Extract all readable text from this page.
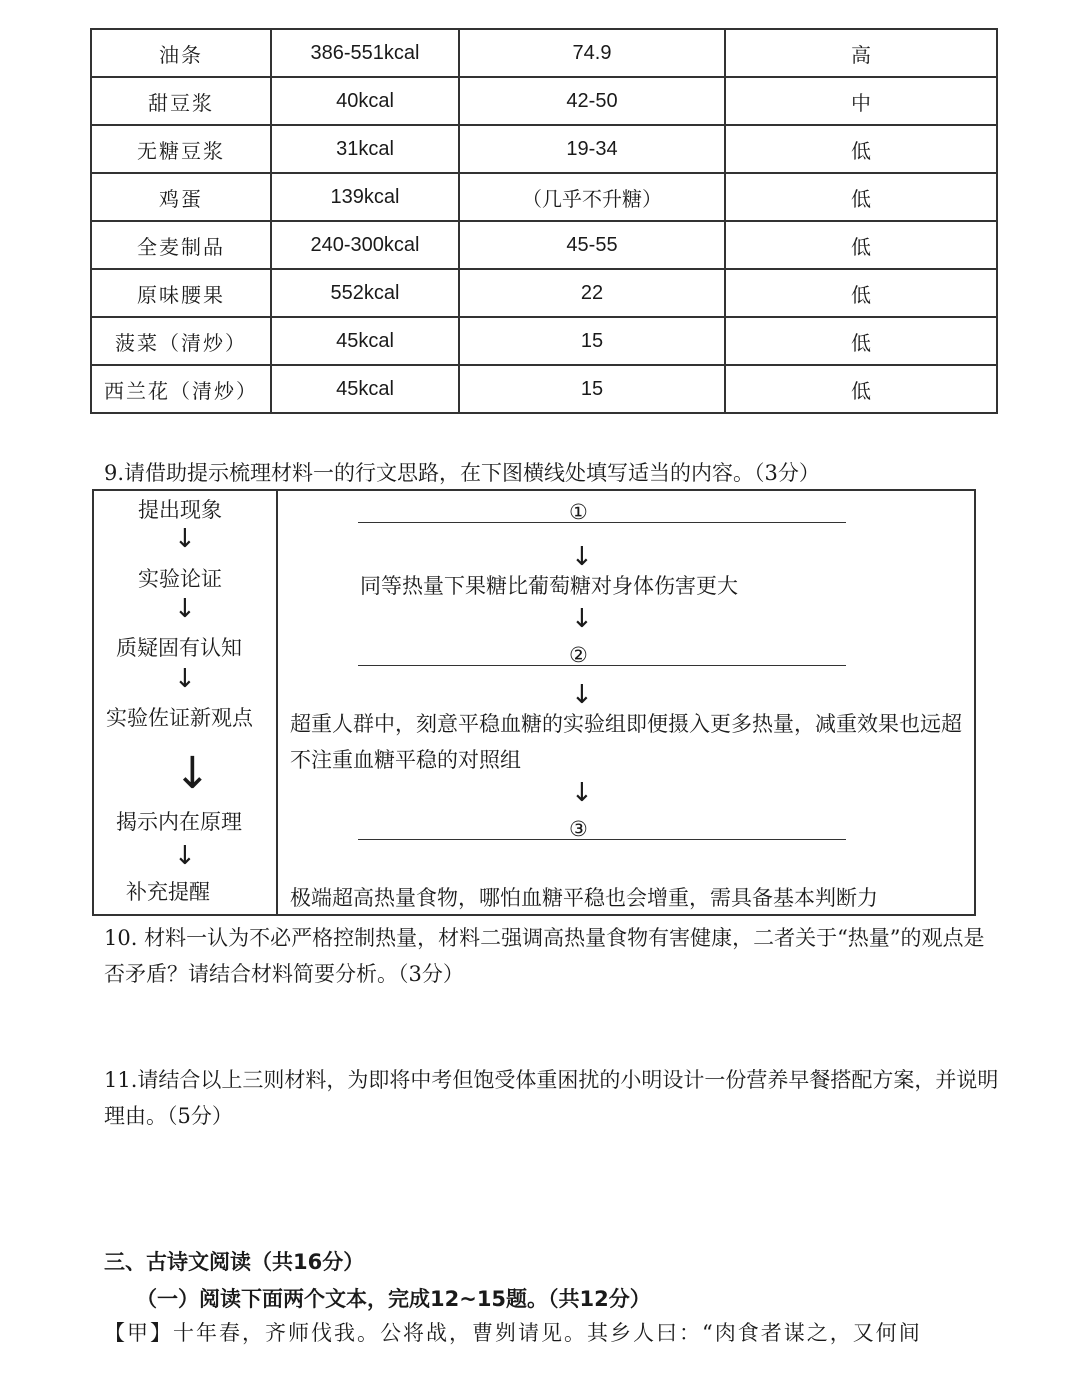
油条	386-551kcal	74.9	高
甜豆浆	40kcal	42-50	中
无糖豆浆	31kcal	19-34	低
鸡蛋	139kcal	（几乎不升糖）	低
全麦制品	240-300kcal	45-55	低
原味腰果	552kcal	22	低
菠菜（清炒）	45kcal	15	低
西兰花（清炒）	45kcal	15	低
9.请借助提示梳理材料一的行文思路，在下图横线处填写适当的内容。（3分）
提出现象
↓
实验论证
↓
质疑固有认知
↓
实验佐证新观点
↓
揭示内在原理
↓
补充提醒
①
↓
同等热量下果糖比葡萄糖对身体伤害更大
↓
②
↓
超重人群中，刻意平稳血糖的实验组即便摄入更多热量，减重效果也远超不注重血糖平稳的对照组
↓
③
极端超高热量食物，哪怕血糖平稳也会增重，需具备基本判断力
10. 材料一认为不必严格控制热量，材料二强调高热量食物有害健康，二者关于“热量”的观点是否矛盾？请结合材料简要分析。（3分）
11.请结合以上三则材料，为即将中考但饱受体重困扰的小明设计一份营养早餐搭配方案，并说明理由。（5分）
三、古诗文阅读（共16分）
（一）阅读下面两个文本，完成12~15题。（共12分）
【甲】十年春，齐师伐我。公将战，曹刿请见。其乡人曰：“肉食者谋之，又何间
